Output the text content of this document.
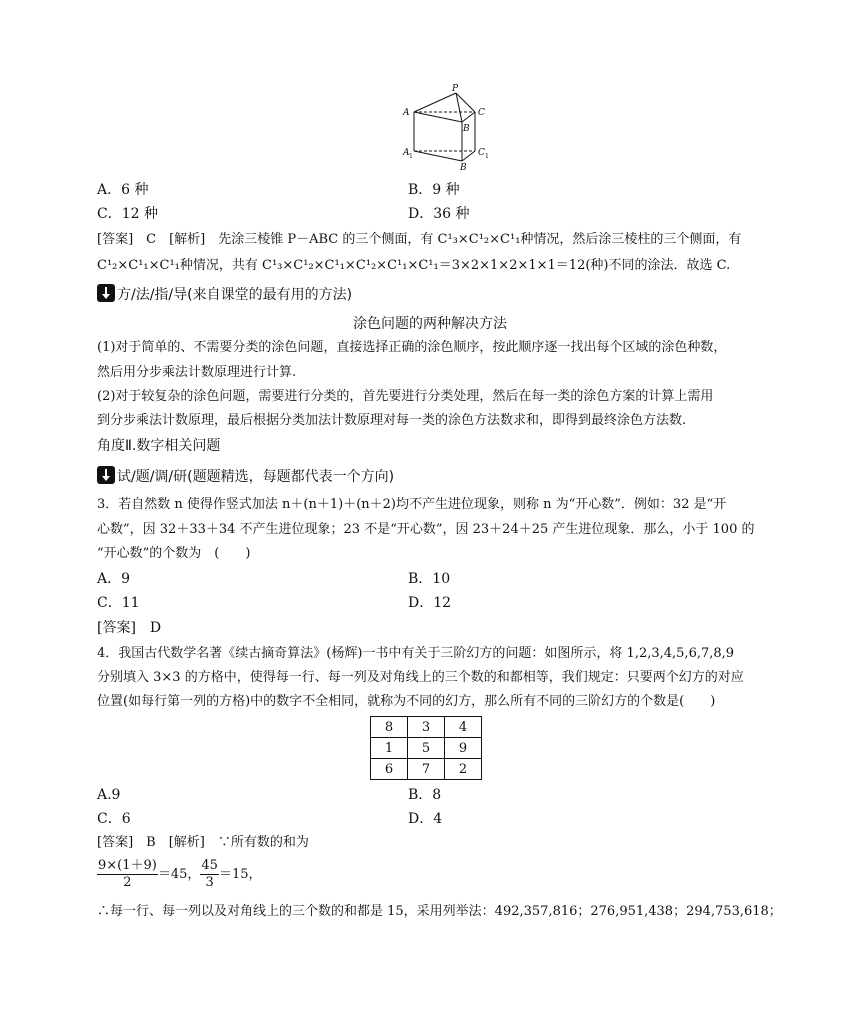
P
A	C
B
A 1	C 1
B
A．6 种	B．9 种
C．12 种	D．36 种
[答案]　C　[解析]　先涂三棱锥 P－ABC 的三个侧面，有 C¹₃×C¹₂×C¹₁种情况，然后涂三棱柱的三个侧面，有
C¹₂×C¹₁×C¹₁种情况，共有 C¹₃×C¹₂×C¹₁×C¹₂×C¹₁×C¹₁＝3×2×1×2×1×1＝12(种)不同的涂法．故选 C.
方/法/指/导(来自课堂的最有用的方法)
涂色问题的两种解决方法
(1)对于简单的、不需要分类的涂色问题，直接选择正确的涂色顺序，按此顺序逐一找出每个区域的涂色种数，
然后用分步乘法计数原理进行计算.
(2)对于较复杂的涂色问题，需要进行分类的，首先要进行分类处理，然后在每一类的涂色方案的计算上需用
到分步乘法计数原理，最后根据分类加法计数原理对每一类的涂色方法数求和，即得到最终涂色方法数.
角度Ⅱ.数字相关问题
试/题/调/研(题题精选，每题都代表一个方向)
3．若自然数 n 使得作竖式加法 n＋(n＋1)＋(n＋2)均不产生进位现象，则称 n 为“开心数”．例如：32 是“开
心数”，因 32＋33＋34 不产生进位现象；23 不是“开心数”，因 23＋24＋25 产生进位现象．那么，小于 100 的
“开心数”的个数为　(　　)
A．9	B．10
C．11	D．12
[答案]　D
4．我国古代数学名著《续古摘奇算法》(杨辉)一书中有关于三阶幻方的问题：如图所示，将 1,2,3,4,5,6,7,8,9
分别填入 3×3 的方格中，使得每一行、每一列及对角线上的三个数的和都相等，我们规定：只要两个幻方的对应
位置(如每行第一列的方格)中的数字不全相同，就称为不同的幻方，那么所有不同的三阶幻方的个数是(　　)
8	3	4
1	5	9
6	7	2
A.9	B．8
C．6	D．4
[答案]　B　[解析]　∵所有数的和为
$\frac{9\times(1+9)}{2} =45$， $\frac{45}{3} =15$，
∴每一行、每一列以及对角线上的三个数的和都是 15，采用列举法：492,357,816；276,951,438；294,753,618；
